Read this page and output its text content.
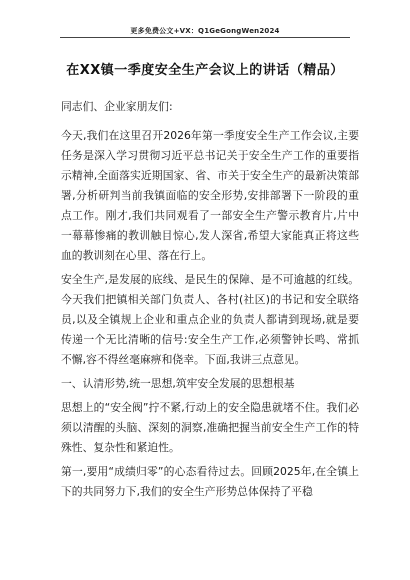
更多免费公文+VX：Q1GeGongWen2024
在XX镇一季度安全生产会议上的讲话（精品）

同志们、企业家朋友们:

今天,我们在这里召开2026年第一季度安全生产工作会议,主要任务是深入学习贯彻习近平总书记关于安全生产工作的重要指示精神,全面落实近期国家、省、市关于安全生产的最新决策部署,分析研判当前我镇面临的安全形势,安排部署下一阶段的重点工作。刚才,我们共同观看了一部安全生产警示教育片,片中一幕幕惨痛的教训触目惊心,发人深省,希望大家能真正将这些血的教训刻在心里、落在行上。

安全生产,是发展的底线、是民生的保障、是不可逾越的红线。今天我们把镇相关部门负责人、各村(社区)的书记和安全联络员,以及全镇规上企业和重点企业的负责人都请到现场,就是要传递一个无比清晰的信号:安全生产工作,必须警钟长鸣、常抓不懈,容不得丝毫麻痹和侥幸。下面,我讲三点意见。

一、认清形势,统一思想,筑牢安全发展的思想根基

思想上的“安全阀”拧不紧,行动上的安全隐患就堵不住。我们必须以清醒的头脑、深刻的洞察,准确把握当前安全生产工作的特殊性、复杂性和紧迫性。

第一,要用“成绩归零”的心态看待过去。回顾2025年,在全镇上下的共同努力下,我们的安全生产形势总体保持了平稳
